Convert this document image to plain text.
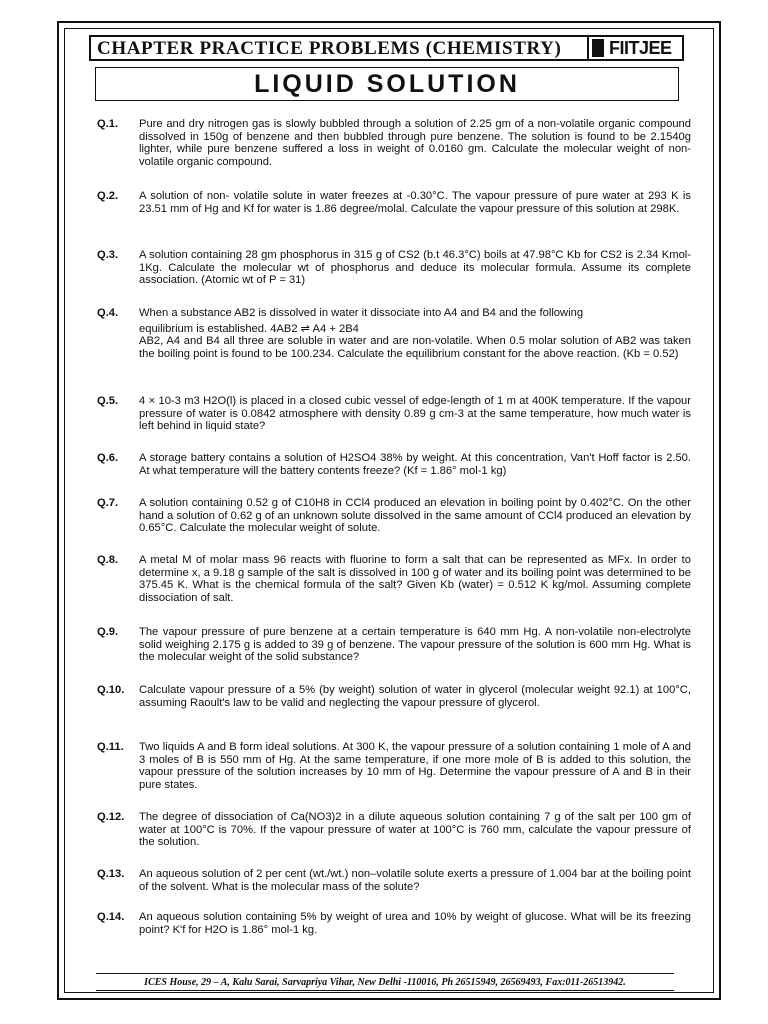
CHAPTER PRACTICE PROBLEMS (CHEMISTRY)	FIITJEE
LIQUID SOLUTION
Q.1. Pure and dry nitrogen gas is slowly bubbled through a solution of 2.25 gm of a non-volatile organic compound dissolved in 150g of benzene and then bubbled through pure benzene. The solution is found to be 2.1540g lighter, while pure benzene suffered a loss in weight of 0.0160 gm. Calculate the molecular weight of non-volatile organic compound.
Q.2. A solution of non- volatile solute in water freezes at -0.30°C. The vapour pressure of pure water at 293 K is 23.51 mm of Hg and Kf for water is 1.86 degree/molal. Calculate the vapour pressure of this solution at 298K.
Q.3. A solution containing 28 gm phosphorus in 315 g of CS2 (b.t 46.3°C) boils at 47.98°C Kb for CS2 is 2.34 Kmol-1Kg. Calculate the molecular wt of phosphorus and deduce its molecular formula. Assume its complete association. (Atomic wt of P = 31)
Q.4. When a substance AB2 is dissolved in water it dissociate into A4 and B4 and the following
equilibrium is established. 4AB2 ⇌ A4 + 2B4
AB2, A4 and B4 all three are soluble in water and are non-volatile. When 0.5 molar solution of AB2 was taken the boiling point is found to be 100.234. Calculate the equilibrium constant for the above reaction. (Kb = 0.52)
Q.5. 4 × 10-3 m3 H2O(l) is placed in a closed cubic vessel of edge-length of 1 m at 400K temperature. If the vapour pressure of water is 0.0842 atmosphere with density 0.89 g cm-3 at the same temperature, how much water is left behind in liquid state?
Q.6. A storage battery contains a solution of H2SO4 38% by weight. At this concentration, Van't Hoff factor is 2.50. At what temperature will the battery contents freeze? (Kf = 1.86° mol-1 kg)
Q.7. A solution containing 0.52 g of C10H8 in CCl4 produced an elevation in boiling point by 0.402°C. On the other hand a solution of 0.62 g of an unknown solute dissolved in the same amount of CCl4 produced an elevation by 0.65°C. Calculate the molecular weight of solute.
Q.8. A metal M of molar mass 96 reacts with fluorine to form a salt that can be represented as MFx. In order to determine x, a 9.18 g sample of the salt is dissolved in 100 g of water and its boiling point was determined to be 375.45 K. What is the chemical formula of the salt? Given Kb (water) = 0.512 K kg/mol. Assuming complete dissociation of salt.
Q.9. The vapour pressure of pure benzene at a certain temperature is 640 mm Hg. A non-volatile non-electrolyte solid weighing 2.175 g is added to 39 g of benzene. The vapour pressure of the solution is 600 mm Hg. What is the molecular weight of the solid substance?
Q.10. Calculate vapour pressure of a 5% (by weight) solution of water in glycerol (molecular weight 92.1) at 100°C, assuming Raoult's law to be valid and neglecting the vapour pressure of glycerol.
Q.11. Two liquids A and B form ideal solutions. At 300 K, the vapour pressure of a solution containing 1 mole of A and 3 moles of B is 550 mm of Hg. At the same temperature, if one more mole of B is added to this solution, the vapour pressure of the solution increases by 10 mm of Hg. Determine the vapour pressure of A and B in their pure states.
Q.12. The degree of dissociation of Ca(NO3)2 in a dilute aqueous solution containing 7 g of the salt per 100 gm of water at 100°C is 70%. If the vapour pressure of water at 100°C is 760 mm, calculate the vapour pressure of the solution.
Q.13. An aqueous solution of 2 per cent (wt./wt.) non–volatile solute exerts a pressure of 1.004 bar at the boiling point of the solvent. What is the molecular mass of the solute?
Q.14. An aqueous solution containing 5% by weight of urea and 10% by weight of glucose. What will be its freezing point? K'f for H2O is 1.86° mol-1 kg.
ICES House, 29 – A, Kalu Sarai, Sarvapriya Vihar, New Delhi -110016, Ph 26515949, 26569493, Fax:011-26513942.
